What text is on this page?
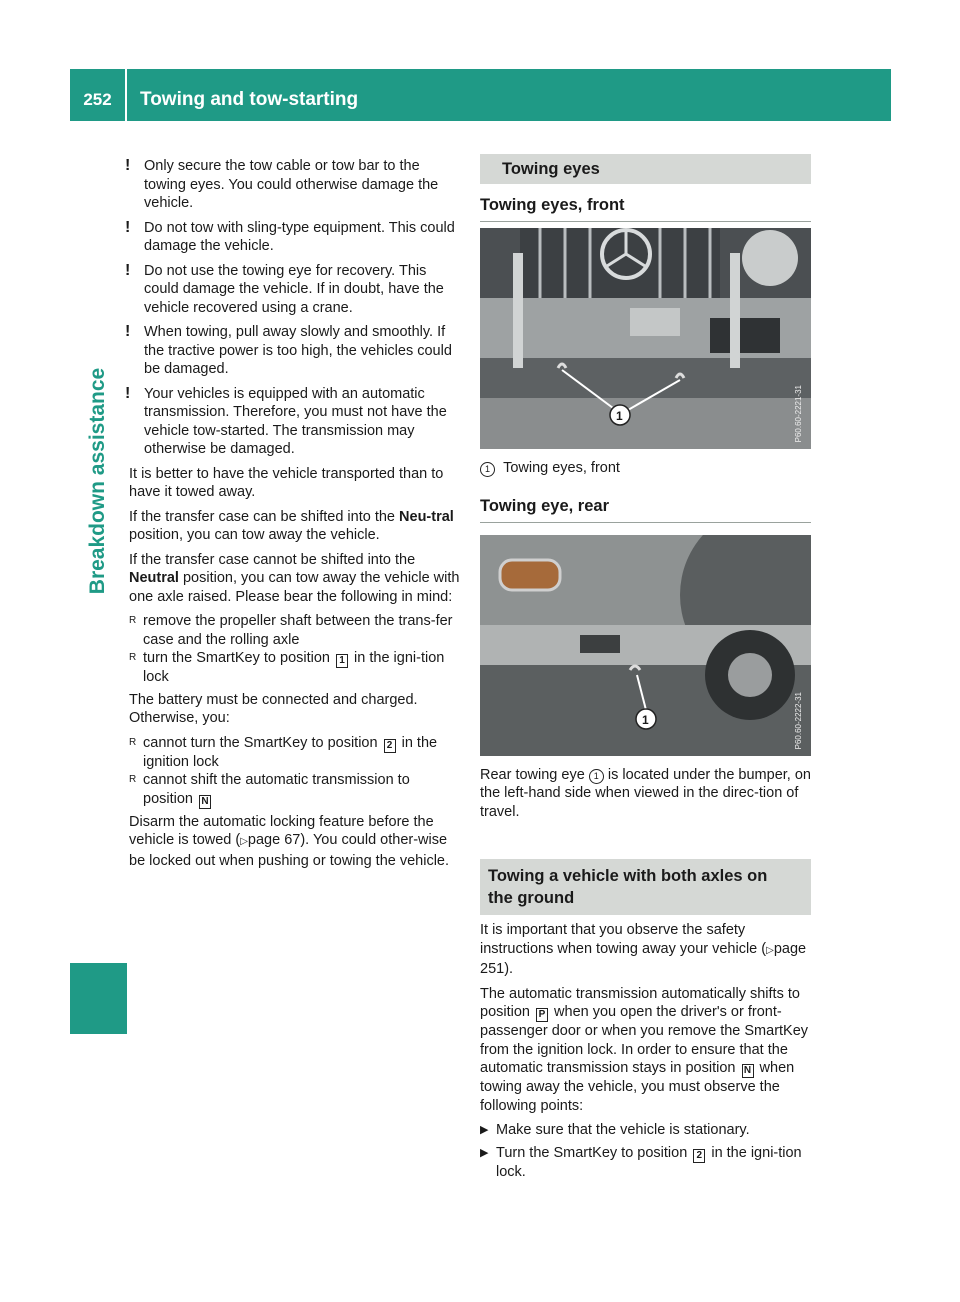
252	Towing and tow-starting
Breakdown assistance
! Only secure the tow cable or tow bar to the towing eyes. You could otherwise damage the vehicle.
! Do not tow with sling-type equipment. This could damage the vehicle.
! Do not use the towing eye for recovery. This could damage the vehicle. If in doubt, have the vehicle recovered using a crane.
! When towing, pull away slowly and smoothly. If the tractive power is too high, the vehicles could be damaged.
! Your vehicles is equipped with an automatic transmission. Therefore, you must not have the vehicle tow-started. The transmission may otherwise be damaged.

It is better to have the vehicle transported than to have it towed away.

If the transfer case can be shifted into the Neu-tral position, you can tow away the vehicle.

If the transfer case cannot be shifted into the Neutral position, you can tow away the vehicle with one axle raised. Please bear the following in mind:

R remove the propeller shaft between the trans-fer case and the rolling axle
R turn the SmartKey to position 1 in the igni-tion lock

The battery must be connected and charged. Otherwise, you:

R cannot turn the SmartKey to position 2 in the ignition lock
R cannot shift the automatic transmission to position N

Disarm the automatic locking feature before the vehicle is towed (▷page 67). You could other-wise be locked out when pushing or towing the vehicle.

Towing eyes
Towing eyes, front
1	P60.60-2221-31

1 Towing eyes, front

Towing eye, rear
1	P60.60-2222-31

Rear towing eye 1 is located under the bumper, on the left-hand side when viewed in the direc-tion of travel.

Towing a vehicle with both axles on the ground

It is important that you observe the safety instructions when towing away your vehicle (▷page 251).

The automatic transmission automatically shifts to position P when you open the driver's or front-passenger door or when you remove the SmartKey from the ignition lock. In order to ensure that the automatic transmission stays in position N when towing away the vehicle, you must observe the following points:

▶ Make sure that the vehicle is stationary.
▶ Turn the SmartKey to position 2 in the igni-tion lock.
